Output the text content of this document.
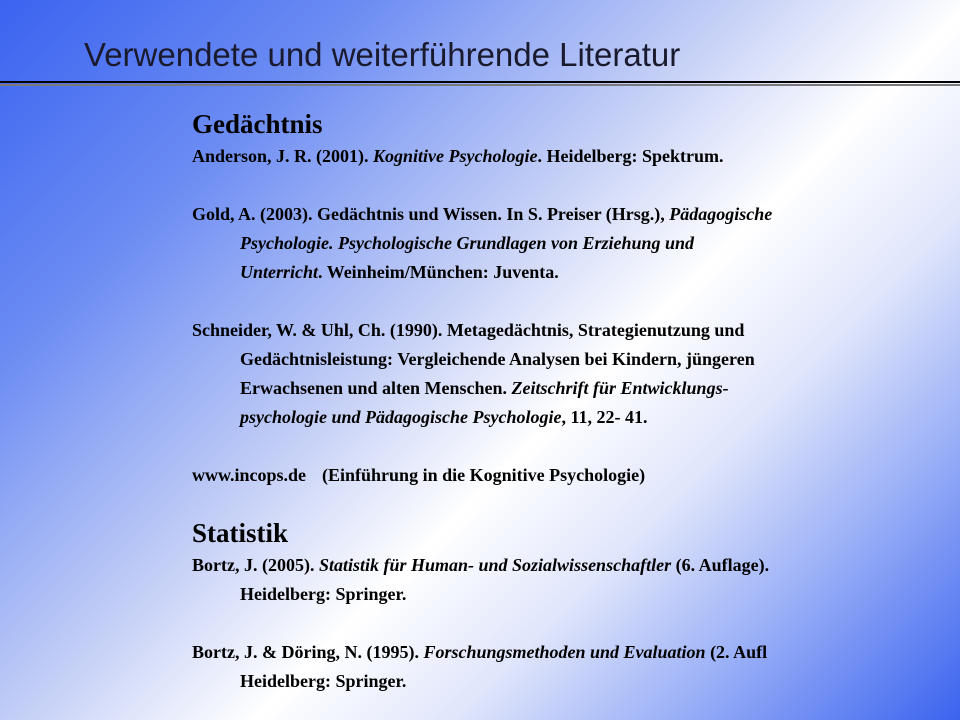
Verwendete und weiterführende Literatur
Gedächtnis
Anderson, J. R. (2001). Kognitive Psychologie. Heidelberg: Spektrum.
Gold, A. (2003). Gedächtnis und Wissen. In S. Preiser (Hrsg.), Pädagogische
Psychologie. Psychologische Grundlagen von Erziehung und
Unterricht. Weinheim/München: Juventa.
Schneider, W. & Uhl, Ch. (1990). Metagedächtnis, Strategienutzung und
Gedächtnisleistung: Vergleichende Analysen bei Kindern, jüngeren
Erwachsenen und alten Menschen. Zeitschrift für Entwicklungs-
psychologie und Pädagogische Psychologie, 11, 22- 41.
www.incops.de (Einführung in die Kognitive Psychologie)
Statistik
Bortz, J. (2005). Statistik für Human- und Sozialwissenschaftler (6. Auflage).
Heidelberg: Springer.
Bortz, J. & Döring, N. (1995). Forschungsmethoden und Evaluation (2. Aufl
Heidelberg: Springer.
